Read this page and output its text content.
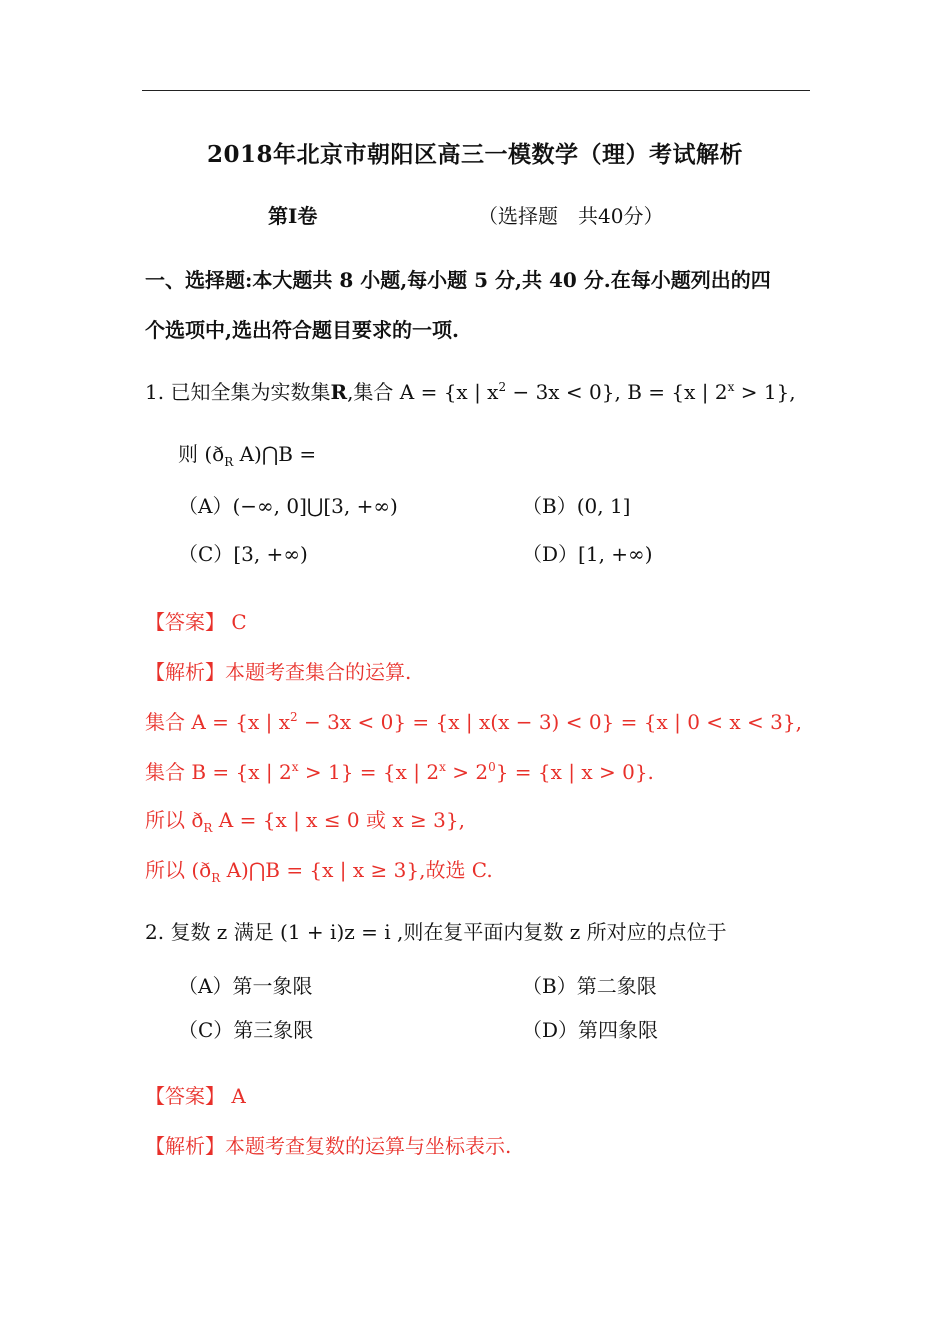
2018年北京市朝阳区高三一模数学（理）考试解析
第Ⅰ卷	（选择题　共40分）
一、选择题:本大题共 8 小题,每小题 5 分,共 40 分.在每小题列出的四
个选项中,选出符合题目要求的一项.
1. 已知全集为实数集R,集合 A = {x | $x^2 - 3x < 0$}, B = {x | $2^x > 1$},
则 ($ð_R$ A)⋂B =
（A）(−∞, 0]⋃[3, +∞)	（B）(0, 1]
（C）[3, +∞)	（D）[1, +∞)
【答案】 C
【解析】本题考查集合的运算.
集合 A = {x | $x^2 - 3x < 0\} = \{x$ | x(x − 3) < 0} = {x | 0 < x < 3},
集合 B = {x | $2^x > 1\} = \{x$ | $2^x > 2^0\} = \{x$ | x > 0}.
所以 $ð_R$ A = {x | x ≤ 0 或 x ≥ 3},
所以 ($ð_R$ A)⋂B = {x | x ≥ 3},故选 C.
2. 复数 z 满足 (1 + i)z = i ,则在复平面内复数 z 所对应的点位于
（A）第一象限	（B）第二象限
（C）第三象限	（D）第四象限
【答案】 A
【解析】本题考查复数的运算与坐标表示.
